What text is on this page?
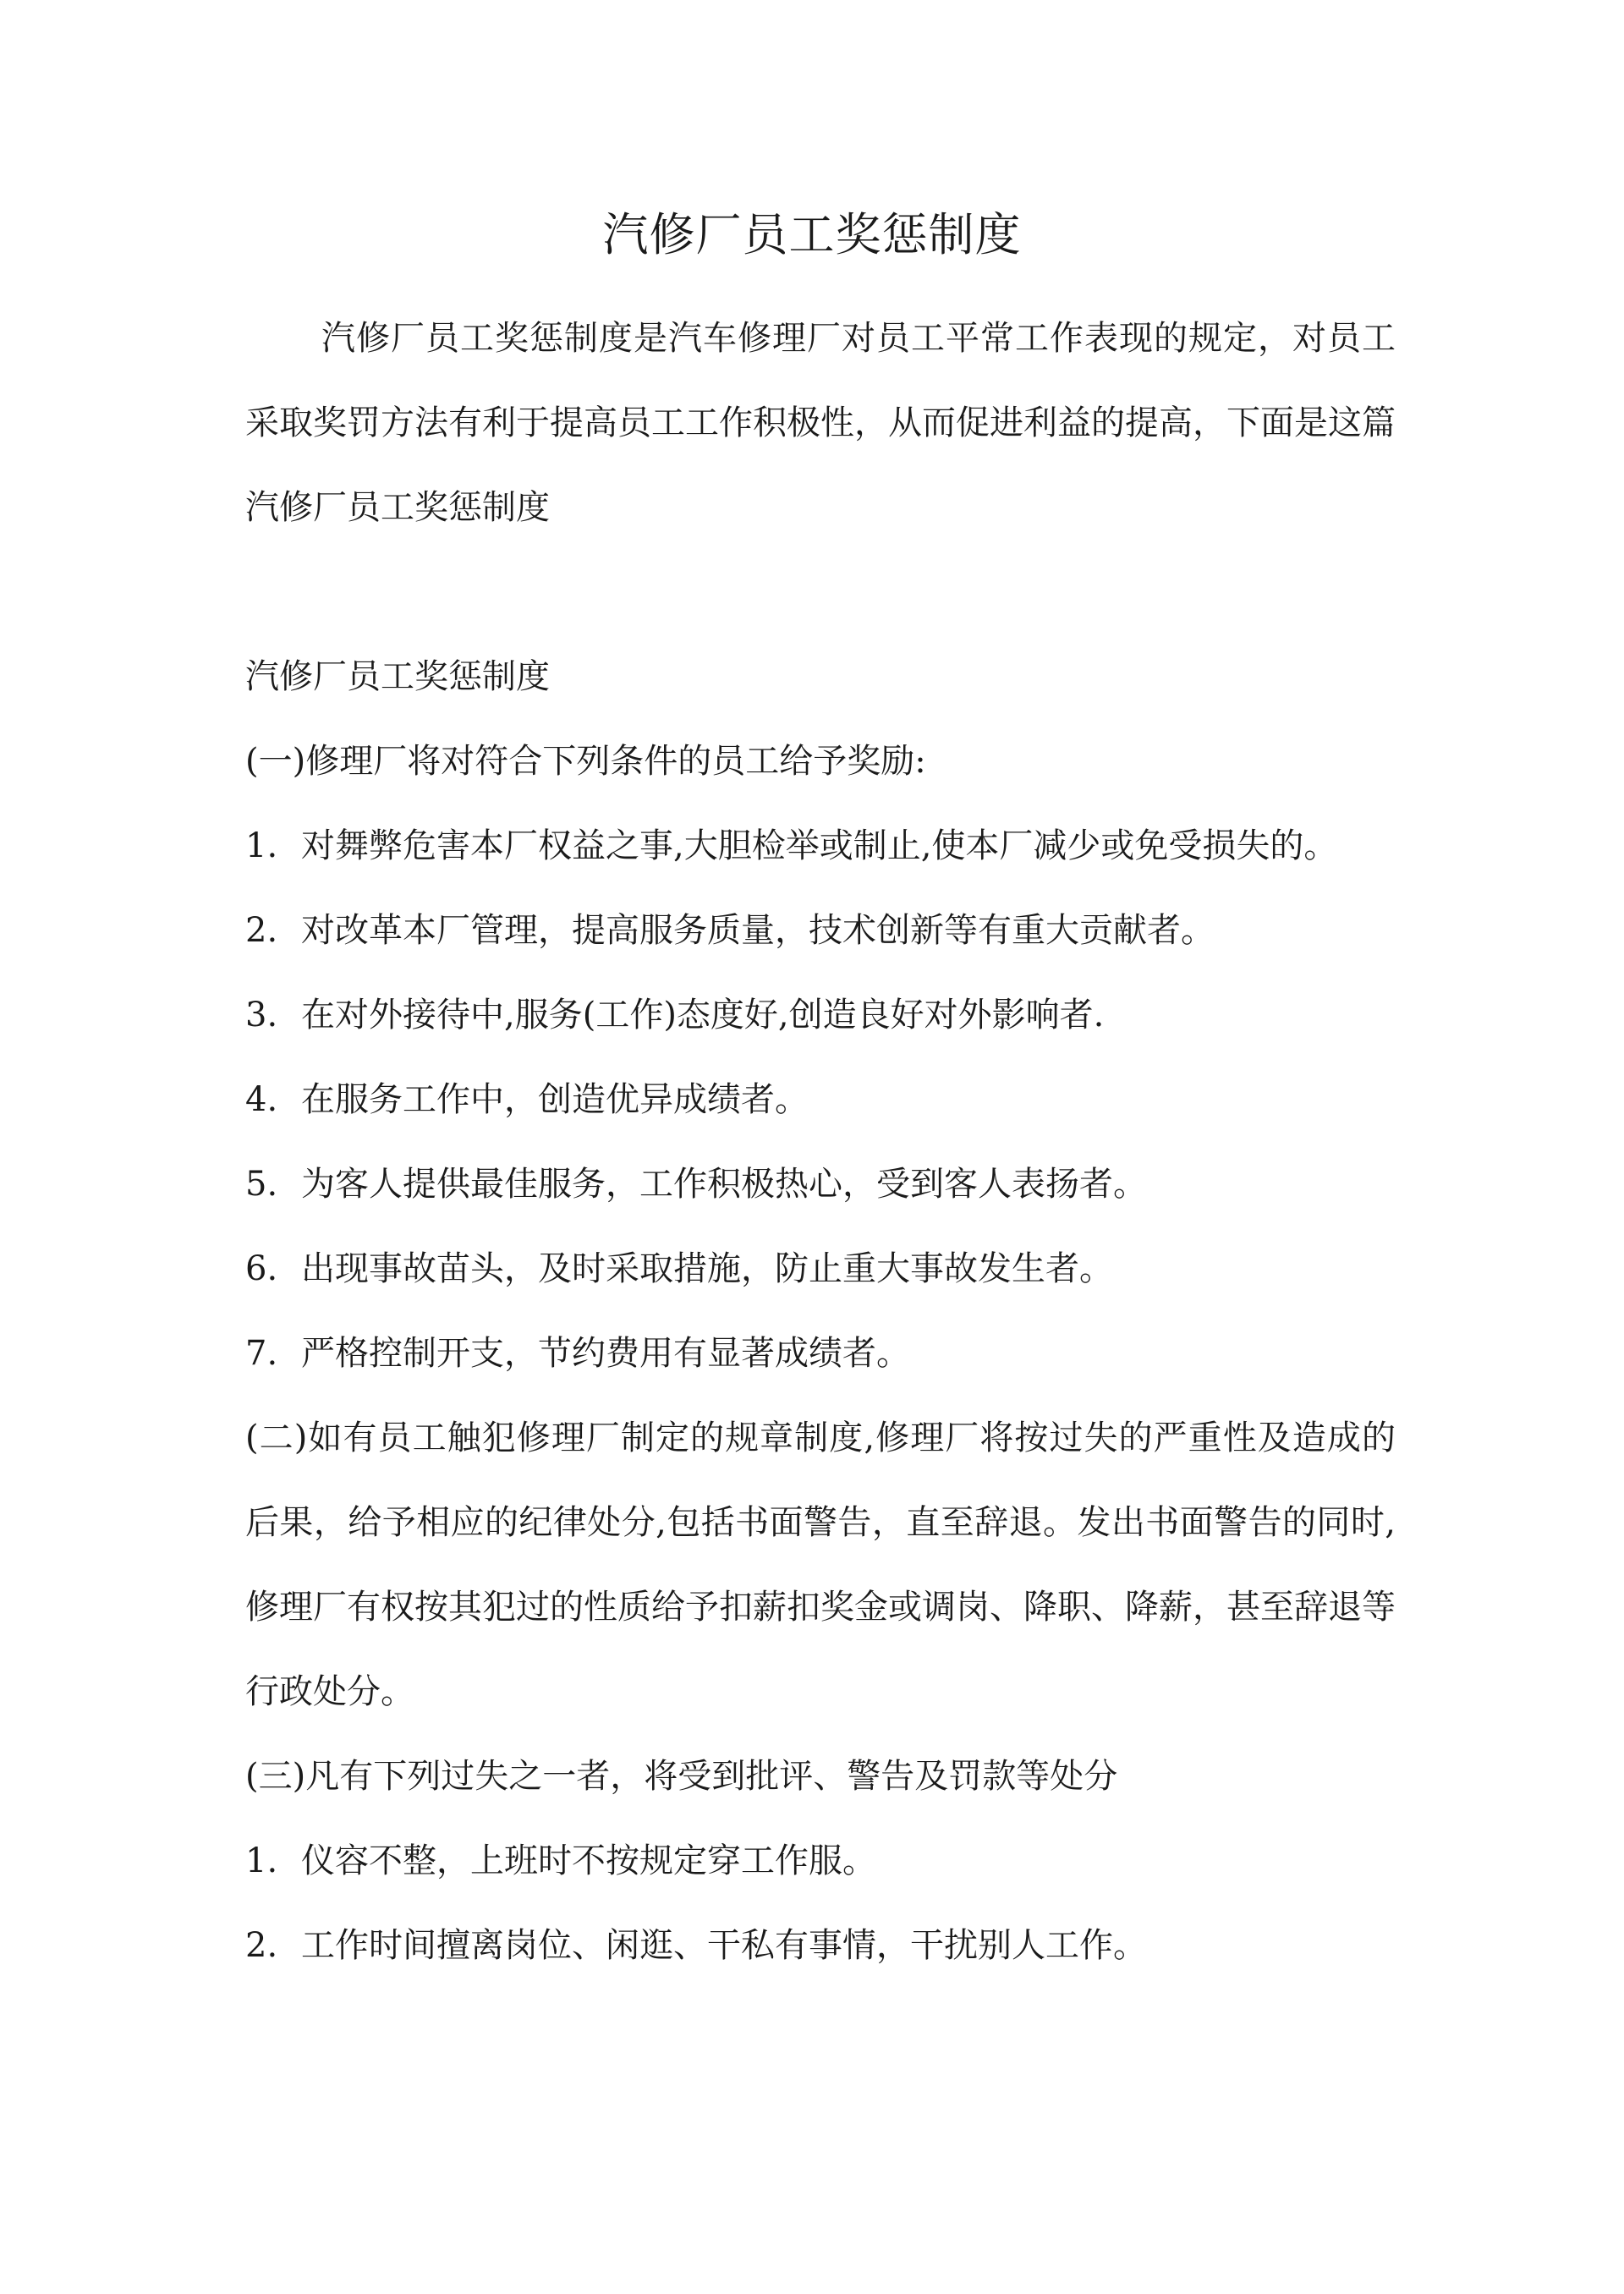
汽修厂员工奖惩制度

汽修厂员工奖惩制度是汽车修理厂对员工平常工作表现的规定，对员工采取奖罚方法有利于提高员工工作积极性，从而促进利益的提高，下面是这篇汽修厂员工奖惩制度

汽修厂员工奖惩制度

(一)修理厂将对符合下列条件的员工给予奖励:

1. 对舞弊危害本厂权益之事,大胆检举或制止,使本厂减少或免受损失的。

2. 对改革本厂管理，提高服务质量，技术创新等有重大贡献者。

3. 在对外接待中,服务(工作)态度好,创造良好对外影响者.

4. 在服务工作中，创造优异成绩者。

5. 为客人提供最佳服务，工作积极热心，受到客人表扬者。

6. 出现事故苗头，及时采取措施，防止重大事故发生者。

7. 严格控制开支，节约费用有显著成绩者。

(二)如有员工触犯修理厂制定的规章制度,修理厂将按过失的严重性及造成的后果，给予相应的纪律处分,包括书面警告，直至辞退。发出书面警告的同时,修理厂有权按其犯过的性质给予扣薪扣奖金或调岗、降职、降薪，甚至辞退等行政处分。

(三)凡有下列过失之一者，将受到批评、警告及罚款等处分

1. 仪容不整，上班时不按规定穿工作服。

2. 工作时间擅离岗位、闲逛、干私有事情，干扰别人工作。
